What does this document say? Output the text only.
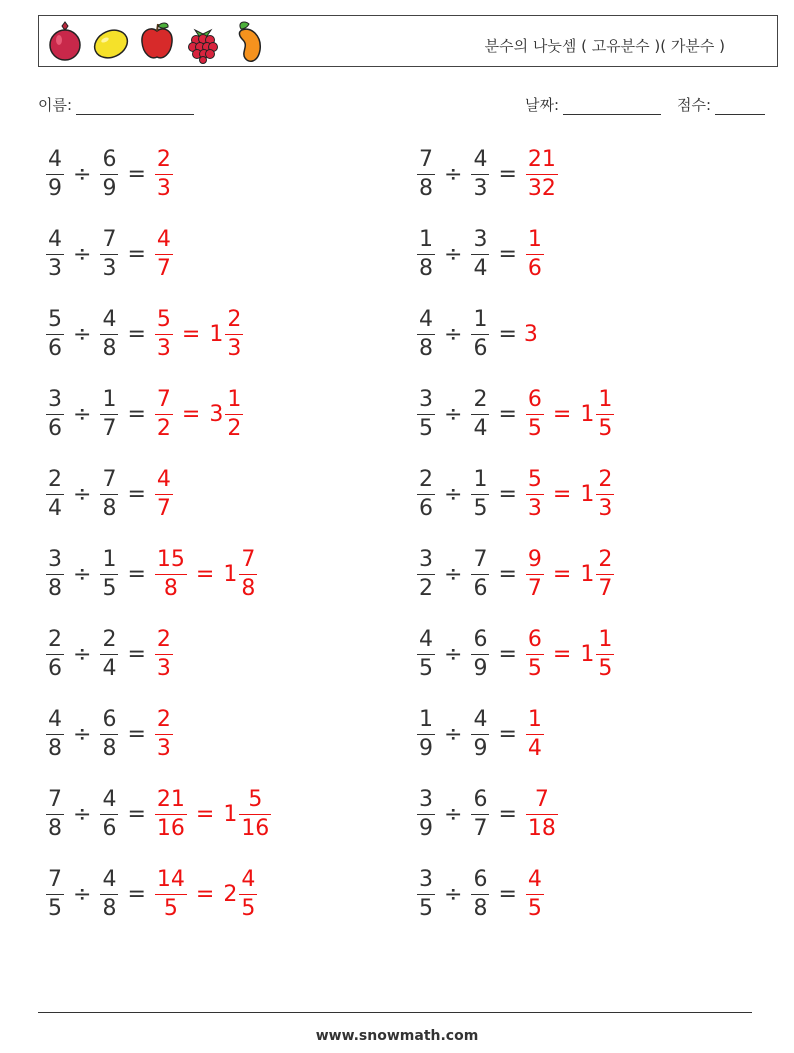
분수의 나눗셈 ( 고유분수 )( 가분수 )
이름:	날짜:	점수:
$\frac{4}{9} \div \frac{6}{9} = \frac{2}{3}$	$\frac{7}{8} \div \frac{4}{3} = \frac{21}{32}$
$\frac{4}{3} \div \frac{7}{3} = \frac{4}{7}$	$\frac{1}{8} \div \frac{3}{4} = \frac{1}{6}$
$\frac{5}{6} \div \frac{4}{8} = \frac{5}{3} = 1 \frac{2}{3}$	$\frac{4}{8} \div \frac{1}{6} = 3$
$\frac{3}{6} \div \frac{1}{7} = \frac{7}{2} = 3 \frac{1}{2}$	$\frac{3}{5} \div \frac{2}{4} = \frac{6}{5} = 1 \frac{1}{5}$
$\frac{2}{4} \div \frac{7}{8} = \frac{4}{7}$	$\frac{2}{6} \div \frac{1}{5} = \frac{5}{3} = 1 \frac{2}{3}$
$\frac{3}{8} \div \frac{1}{5} = \frac{15}{8} = 1 \frac{7}{8}$	$\frac{3}{2} \div \frac{7}{6} = \frac{9}{7} = 1 \frac{2}{7}$
$\frac{2}{6} \div \frac{2}{4} = \frac{2}{3}$	$\frac{4}{5} \div \frac{6}{9} = \frac{6}{5} = 1 \frac{1}{5}$
$\frac{4}{8} \div \frac{6}{8} = \frac{2}{3}$	$\frac{1}{9} \div \frac{4}{9} = \frac{1}{4}$
$\frac{7}{8} \div \frac{4}{6} = \frac{21}{16} = 1 \frac{5}{16}$	$\frac{3}{9} \div \frac{6}{7} = \frac{7}{18}$
$\frac{7}{5} \div \frac{4}{8} = \frac{14}{5} = 2 \frac{4}{5}$	$\frac{3}{5} \div \frac{6}{8} = \frac{4}{5}$
www.snowmath.com
